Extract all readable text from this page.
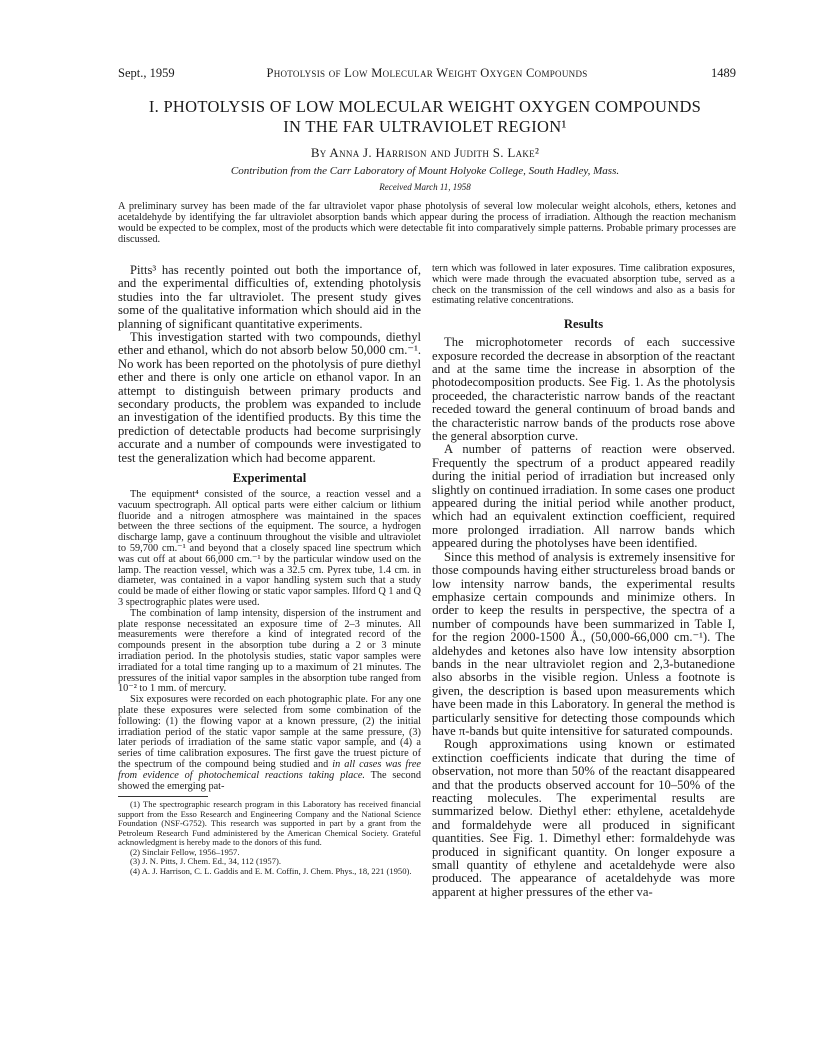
Sept., 1959	Photolysis of Low Molecular Weight Oxygen Compounds	1489
I. PHOTOLYSIS OF LOW MOLECULAR WEIGHT OXYGEN COMPOUNDS
IN THE FAR ULTRAVIOLET REGION¹
By Anna J. Harrison and Judith S. Lake²
Contribution from the Carr Laboratory of Mount Holyoke College, South Hadley, Mass.
Received March 11, 1958
A preliminary survey has been made of the far ultraviolet vapor phase photolysis of several low molecular weight alcohols, ethers, ketones and acetaldehyde by identifying the far ultraviolet absorption bands which appear during the process of irradiation. Although the reaction mechanism would be expected to be complex, most of the products which were detectable fit into comparatively simple patterns. Probable primary processes are discussed.

Pitts³ has recently pointed out both the importance of, and the experimental difficulties of, extending photolysis studies into the far ultraviolet. The present study gives some of the qualitative information which should aid in the planning of significant quantitative experiments.

This investigation started with two compounds, diethyl ether and ethanol, which do not absorb below 50,000 cm.⁻¹. No work has been reported on the photolysis of pure diethyl ether and there is only one article on ethanol vapor. In an attempt to distinguish between primary products and secondary products, the problem was expanded to include an investigation of the identified products. By this time the prediction of detectable products had become surprisingly accurate and a number of compounds were investigated to test the generalization which had become apparent.

Experimental

The equipment⁴ consisted of the source, a reaction vessel and a vacuum spectrograph. All optical parts were either calcium or lithium fluoride and a nitrogen atmosphere was maintained in the spaces between the three sections of the equipment. The source, a hydrogen discharge lamp, gave a continuum throughout the visible and ultraviolet to 59,700 cm.⁻¹ and beyond that a closely spaced line spectrum which was cut off at about 66,000 cm.⁻¹ by the particular window used on the lamp. The reaction vessel, which was a 32.5 cm. Pyrex tube, 1.4 cm. in diameter, was contained in a vapor handling system such that a study could be made of either flowing or static vapor samples. Ilford Q 1 and Q 3 spectrographic plates were used.

The combination of lamp intensity, dispersion of the instrument and plate response necessitated an exposure time of 2–3 minutes. All measurements were therefore a kind of integrated record of the compounds present in the absorption tube during a 2 or 3 minute irradiation period. In the photolysis studies, static vapor samples were irradiated for a total time ranging up to a maximum of 21 minutes. The pressures of the initial vapor samples in the absorption tube ranged from 10⁻² to 1 mm. of mercury.

Six exposures were recorded on each photographic plate. For any one plate these exposures were selected from some combination of the following: (1) the flowing vapor at a known pressure, (2) the initial irradiation period of the static vapor sample at the same pressure, (3) later periods of irradiation of the same static vapor sample, and (4) a series of time calibration exposures. The first gave the truest picture of the spectrum of the compound being studied and in all cases was free from evidence of photochemical reactions taking place. The second showed the emerging pat-

(1) The spectrographic research program in this Laboratory has received financial support from the Esso Research and Engineering Company and the National Science Foundation (NSF-G752). This research was supported in part by a grant from the Petroleum Research Fund administered by the American Chemical Society. Grateful acknowledgment is hereby made to the donors of this fund.

(2) Sinclair Fellow, 1956–1957.

(3) J. N. Pitts, J. Chem. Ed., 34, 112 (1957).

(4) A. J. Harrison, C. L. Gaddis and E. M. Coffin, J. Chem. Phys., 18, 221 (1950).

tern which was followed in later exposures. Time calibration exposures, which were made through the evacuated absorption tube, served as a check on the transmission of the cell windows and also as a basis for estimating relative concentrations.

Results

The microphotometer records of each successive exposure recorded the decrease in absorption of the reactant and at the same time the increase in absorption of the photodecomposition products. See Fig. 1. As the photolysis proceeded, the characteristic narrow bands of the reactant receded toward the general continuum of broad bands and the characteristic narrow bands of the products rose above the general absorption curve.

A number of patterns of reaction were observed. Frequently the spectrum of a product appeared readily during the initial period of irradiation but increased only slightly on continued irradiation. In some cases one product appeared during the initial period while another product, which had an equivalent extinction coefficient, required more prolonged irradiation. All narrow bands which appeared during the photolyses have been identified.

Since this method of analysis is extremely insensitive for those compounds having either structureless broad bands or low intensity narrow bands, the experimental results emphasize certain compounds and minimize others. In order to keep the results in perspective, the spectra of a number of compounds have been summarized in Table I, for the region 2000-1500 Å., (50,000-66,000 cm.⁻¹). The aldehydes and ketones also have low intensity absorption bands in the near ultraviolet region and 2,3-butanedione also absorbs in the visible region. Unless a footnote is given, the description is based upon measurements which have been made in this Laboratory. In general the method is particularly sensitive for detecting those compounds which have π-bands but quite intensitive for saturated compounds.

Rough approximations using known or estimated extinction coefficients indicate that during the time of observation, not more than 50% of the reactant disappeared and that the products observed account for 10–50% of the reacting molecules. The experimental results are summarized below. Diethyl ether: ethylene, acetaldehyde and formaldehyde were all produced in significant quantities. See Fig. 1. Dimethyl ether: formaldehyde was produced in significant quantity. On longer exposure a small quantity of ethylene and acetaldehyde were also produced. The appearance of acetaldehyde was more apparent at higher pressures of the ether va-
